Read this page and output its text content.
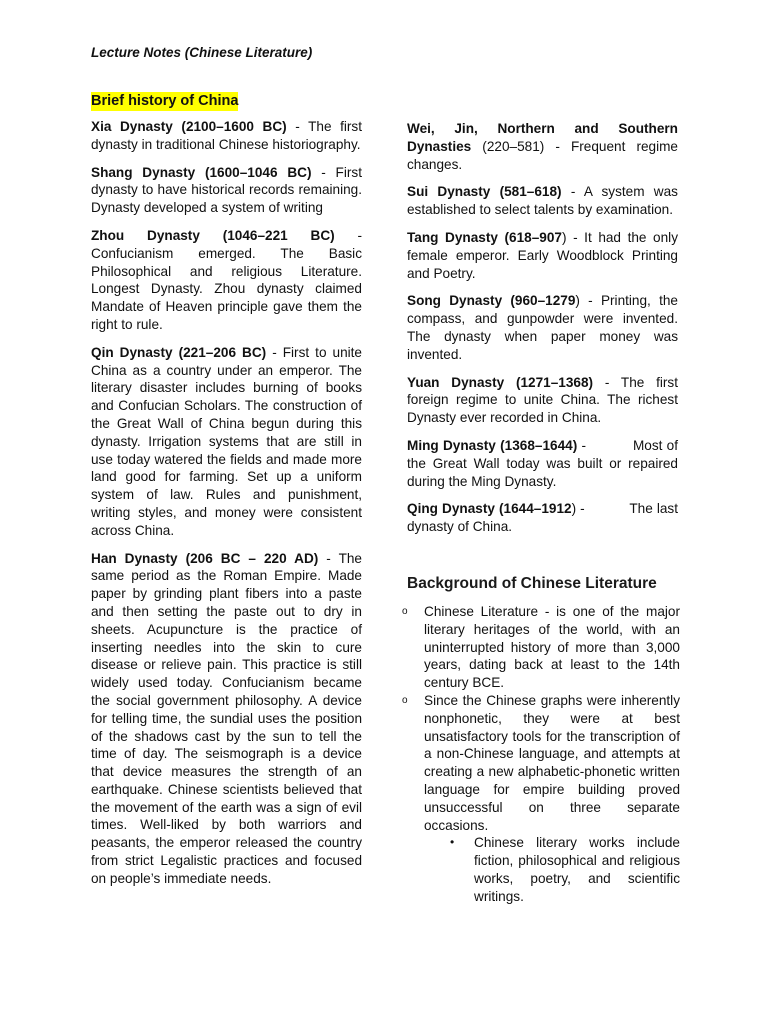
Lecture Notes (Chinese Literature)
Brief history of China
Xia Dynasty (2100–1600 BC) - The first dynasty in traditional Chinese historiography.
Shang Dynasty (1600–1046 BC) - First dynasty to have historical records remaining. Dynasty developed a system of writing
Zhou Dynasty (1046–221 BC) - Confucianism emerged. The Basic Philosophical and religious Literature. Longest Dynasty. Zhou dynasty claimed Mandate of Heaven principle gave them the right to rule.
Qin Dynasty (221–206 BC) - First to unite China as a country under an emperor. The literary disaster includes burning of books and Confucian Scholars. The construction of the Great Wall of China begun during this dynasty. Irrigation systems that are still in use today watered the fields and made more land good for farming. Set up a uniform system of law. Rules and punishment, writing styles, and money were consistent across China.
Han Dynasty (206 BC – 220 AD) - The same period as the Roman Empire. Made paper by grinding plant fibers into a paste and then setting the paste out to dry in sheets. Acupuncture is the practice of inserting needles into the skin to cure disease or relieve pain. This practice is still widely used today. Confucianism became the social government philosophy. A device for telling time, the sundial uses the position of the shadows cast by the sun to tell the time of day. The seismograph is a device that device measures the strength of an earthquake. Chinese scientists believed that the movement of the earth was a sign of evil times. Well-liked by both warriors and peasants, the emperor released the country from strict Legalistic practices and focused on people’s immediate needs.
Wei, Jin, Northern and Southern Dynasties (220–581) - Frequent regime changes.
Sui Dynasty (581–618) - A system was established to select talents by examination.
Tang Dynasty (618–907) - It had the only female emperor. Early Woodblock Printing and Poetry.
Song Dynasty (960–1279) - Printing, the compass, and gunpowder were invented. The dynasty when paper money was invented.
Yuan Dynasty (1271–1368) - The first foreign regime to unite China. The richest Dynasty ever recorded in China.
Ming Dynasty (1368–1644) -           Most of the Great Wall today was built or repaired during the Ming Dynasty.
Qing Dynasty (1644–1912) -           The last dynasty of China.
Background of Chinese Literature
o	Chinese Literature - is one of the major literary heritages of the world, with an uninterrupted history of more than 3,000 years, dating back at least to the 14th century BCE.
o	Since the Chinese graphs were inherently nonphonetic, they were at best unsatisfactory tools for the transcription of a non-Chinese language, and attempts at creating a new alphabetic-phonetic written language for empire building proved unsuccessful on three separate occasions.
•	Chinese literary works include fiction, philosophical and religious works, poetry, and scientific writings.
